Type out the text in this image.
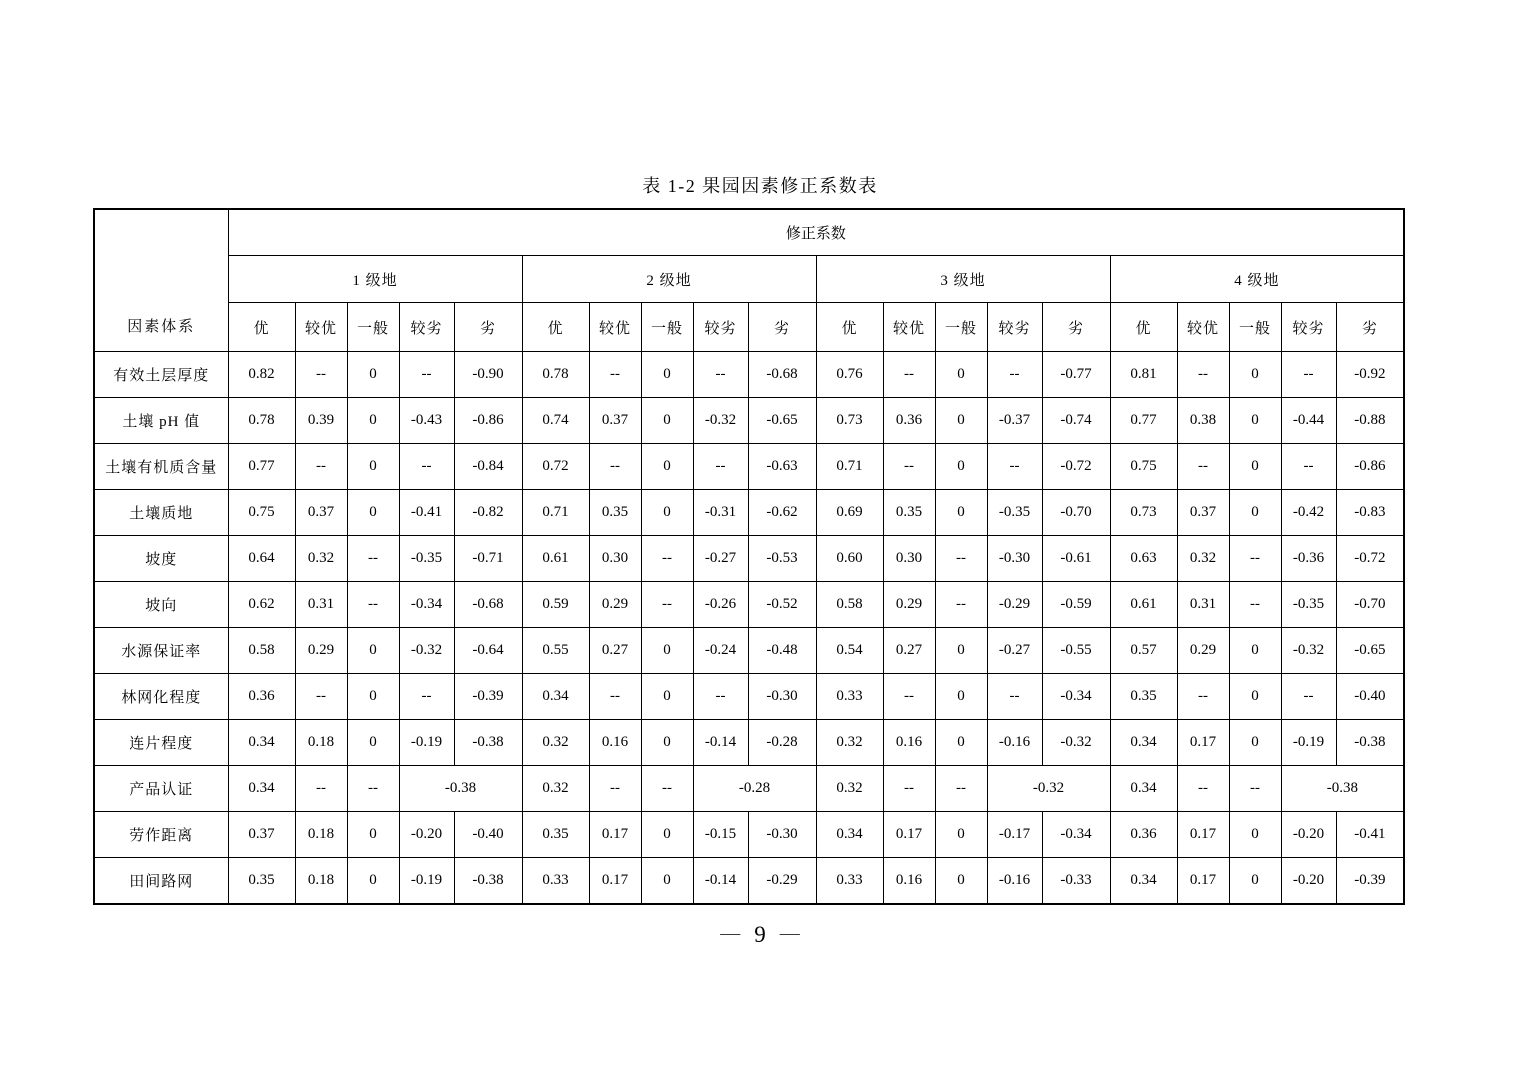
表 1-2 果园因素修正系数表
因素体系	修正系数																			
	1 级地					2 级地					3 级地					4 级地				
	优	较优	一般	较劣	劣	优	较优	一般	较劣	劣	优	较优	一般	较劣	劣	优	较优	一般	较劣	劣
有效土层厚度	0.82	--	0	--	-0.90	0.78	--	0	--	-0.68	0.76	--	0	--	-0.77	0.81	--	0	--	-0.92
土壤 pH 值	0.78	0.39	0	-0.43	-0.86	0.74	0.37	0	-0.32	-0.65	0.73	0.36	0	-0.37	-0.74	0.77	0.38	0	-0.44	-0.88
土壤有机质含量	0.77	--	0	--	-0.84	0.72	--	0	--	-0.63	0.71	--	0	--	-0.72	0.75	--	0	--	-0.86
土壤质地	0.75	0.37	0	-0.41	-0.82	0.71	0.35	0	-0.31	-0.62	0.69	0.35	0	-0.35	-0.70	0.73	0.37	0	-0.42	-0.83
坡度	0.64	0.32	--	-0.35	-0.71	0.61	0.30	--	-0.27	-0.53	0.60	0.30	--	-0.30	-0.61	0.63	0.32	--	-0.36	-0.72
坡向	0.62	0.31	--	-0.34	-0.68	0.59	0.29	--	-0.26	-0.52	0.58	0.29	--	-0.29	-0.59	0.61	0.31	--	-0.35	-0.70
水源保证率	0.58	0.29	0	-0.32	-0.64	0.55	0.27	0	-0.24	-0.48	0.54	0.27	0	-0.27	-0.55	0.57	0.29	0	-0.32	-0.65
林网化程度	0.36	--	0	--	-0.39	0.34	--	0	--	-0.30	0.33	--	0	--	-0.34	0.35	--	0	--	-0.40
连片程度	0.34	0.18	0	-0.19	-0.38	0.32	0.16	0	-0.14	-0.28	0.32	0.16	0	-0.16	-0.32	0.34	0.17	0	-0.19	-0.38
产品认证	0.34	--	--	-0.38		0.32	--	--	-0.28		0.32	--	--	-0.32		0.34	--	--	-0.38	
劳作距离	0.37	0.18	0	-0.20	-0.40	0.35	0.17	0	-0.15	-0.30	0.34	0.17	0	-0.17	-0.34	0.36	0.17	0	-0.20	-0.41
田间路网	0.35	0.18	0	-0.19	-0.38	0.33	0.17	0	-0.14	-0.29	0.33	0.16	0	-0.16	-0.33	0.34	0.17	0	-0.20	-0.39
— 9 —
